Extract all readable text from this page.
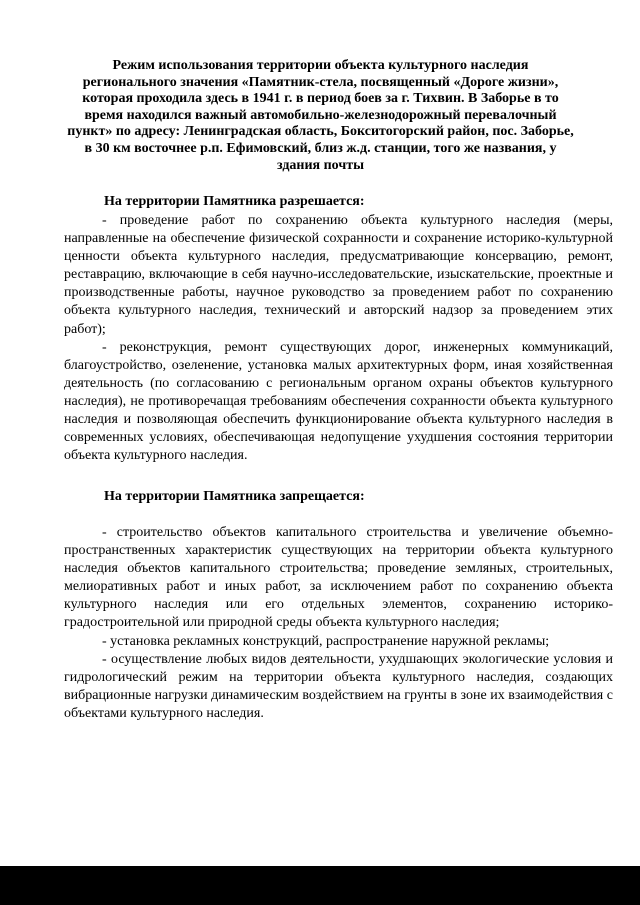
Режим использования территории объекта культурного наследия регионального значения «Памятник-стела, посвященный «Дороге жизни», которая проходила здесь в 1941 г. в период боев за г. Тихвин. В Заборье в то время находился важный автомобильно-железнодорожный перевалочный пункт» по адресу: Ленинградская область, Бокситогорский район, пос. Заборье, в 30 км восточнее р.п. Ефимовский, близ ж.д. станции, того же названия, у здания почты
На территории Памятника разрешается:

- проведение работ по сохранению объекта культурного наследия (меры, направленные на обеспечение физической сохранности и сохранение историко-культурной ценности объекта культурного наследия, предусматривающие консервацию, ремонт, реставрацию, включающие в себя научно-исследовательские, изыскательские, проектные и производственные работы, научное руководство за проведением работ по сохранению объекта культурного наследия, технический и авторский надзор за проведением этих работ);

- реконструкция, ремонт существующих дорог, инженерных коммуникаций, благоустройство, озеленение, установка малых архитектурных форм, иная хозяйственная деятельность (по согласованию с региональным органом охраны объектов культурного наследия), не противоречащая требованиям обеспечения сохранности объекта культурного наследия и позволяющая обеспечить функционирование объекта культурного наследия в современных условиях, обеспечивающая недопущение ухудшения состояния территории объекта культурного наследия.

На территории Памятника запрещается:

- строительство объектов капитального строительства и увеличение объемно-пространственных характеристик существующих на территории объекта культурного наследия объектов капитального строительства; проведение земляных, строительных, мелиоративных работ и иных работ, за исключением работ по сохранению объекта культурного наследия или его отдельных элементов, сохранению историко-градостроительной или природной среды объекта культурного наследия;

- установка рекламных конструкций, распространение наружной рекламы;

- осуществление любых видов деятельности, ухудшающих экологические условия и гидрологический режим на территории объекта культурного наследия, создающих вибрационные нагрузки динамическим воздействием на грунты в зоне их взаимодействия с объектами культурного наследия.
